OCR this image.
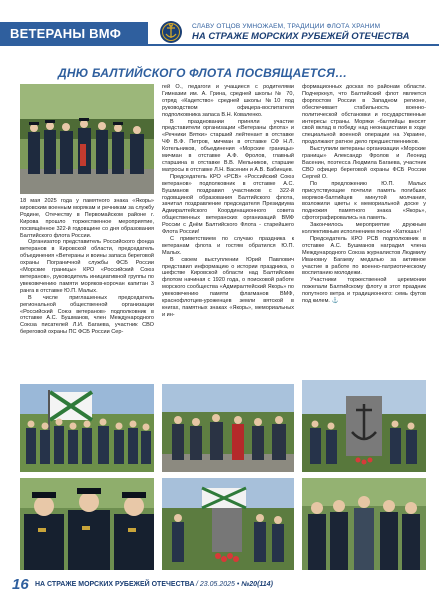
ВЕТЕРАНЫ ВМФ	СЛАВУ ОТЦОВ УМНОЖАЕМ, ТРАДИЦИИ ФЛОТА ХРАНИМ
НА СТРАЖЕ МОРСКИХ РУБЕЖЕЙ ОТЕЧЕСТВА
ДНЮ БАЛТИЙСКОГО ФЛОТА ПОСВЯЩАЕТСЯ…

18 мая 2025 года у памятного знака «Якорь» кировским военным морякам и речникам за службу Родине, Отечеству в Первомайском районе г. Кирова прошло торжественное мероприятие, посвящённое 322-й годовщине со дня образования Балтийского флота России.

Организатор представитель Российского фонда ветеранов в Кировской области, председатель объединения «Ветераны и воины запаса береговой охраны Пограничной службы ФСБ России «Морские границы» КРО «Российский Союз ветеранов», руководитель инициативной группы по увековечению памяти моряков-корочан капитан 3 ранга в отставке Ю.П. Малых.

В числе приглашенных председатель региональной общественной организации «Российский Союз ветеранов» подполковник в отставке А.С. Бушманов, член Международного Союза писателей Л.И. Багаева, участник СВО береговой охраны ПС ФСБ России Сер-

гей О., педагоги и учащиеся с родителями Гимназии им. А. Грина, средней школы № 70, отряд «Кадетство» средней школы №10 под руководством офицера-воспитателя подполковника запаса В.Н. Коваленко.

В праздновании приняли участие представители организации «Ветераны флота» и «Речники Вятки» старший лейтенант в отставке ЧФ В.Ф. Петров, мичман в отставке СФ Н.Л. Котельников, объединения «Морские границы» мичман в отставке А.Ф. Фролов, главный старшина в отставке В.В. Мельников, старшие матросы в отставке Л.Н. Васенин и А.В. Бабинцев.

Председатель КРО «РСВ» «Российский Союз ветеранов» подполковник в отставке А.С. Бушманов поздравил участников с 322-й годовщиной образования Балтийского флота, зачитал поздравление председателя Президиума Адмиралтейского Координационного совета общественных ветеранских организаций ВМФ России с Днём Балтийского Флота - старейшего Флота России!

С приветствием по случаю праздника к ветеранам флота и гостям обратился Ю.П. Малых.

В своем выступлении Юрий Павлович представил информацию о истории праздника, о шефстве Кировской области над Балтийским флотом начиная с 1920 года, о поисковой работе морского сообщества «Адмиралтейский Якорь» по увековечению памяти флагманов ВМФ, краснофлотцев-уроженцев земли вятской в книгах, памятных знаках «Якорь», мемориальных и ин-

формационных досках по районам области. Подчеркнул, что Балтийский флот является форпостом России в Западном регионе, обеспечивает стабильность военно-политической обстановки и государственные интересы страны. Моряки -балтийцы вносят свой вклад в победу над неонацистами в ходе специальной военной операции на Украине, продолжают ратное дело предшественников.

Выступили ветераны организации «Морские границы» Александр Фролов и Леонид Васенин, поэтесса Людмила Багаева, участник СВО офицер береговой охраны ФСБ России Сергей О.

По предложению Ю.П. Малых присутствующие почтили память погибших моряков-балтийцев минутой молчания, возложили цветы к мемориальной доске у подножия памятного знака «Якорь», сфотографировались на память.

Закончилось мероприятие дружным коллективным исполнением песни «Катюша»!

Председатель КРО РСВ подполковник в отставке А.С. Бушманов наградил члена Международного Союза журналистов Людмилу Ивановну Багаеву медалью за активное участие в работе по военно-патриотическому воспитанию молодежи.

Участники торжественной церемонии пожелали Балтийскому флоту в этот праздник попутного ветра и традиционного: семь футов под килем. ⚓

16 НА СТРАЖЕ МОРСКИХ РУБЕЖЕЙ ОТЕЧЕСТВА / 23.05.2025 • №20(114)
